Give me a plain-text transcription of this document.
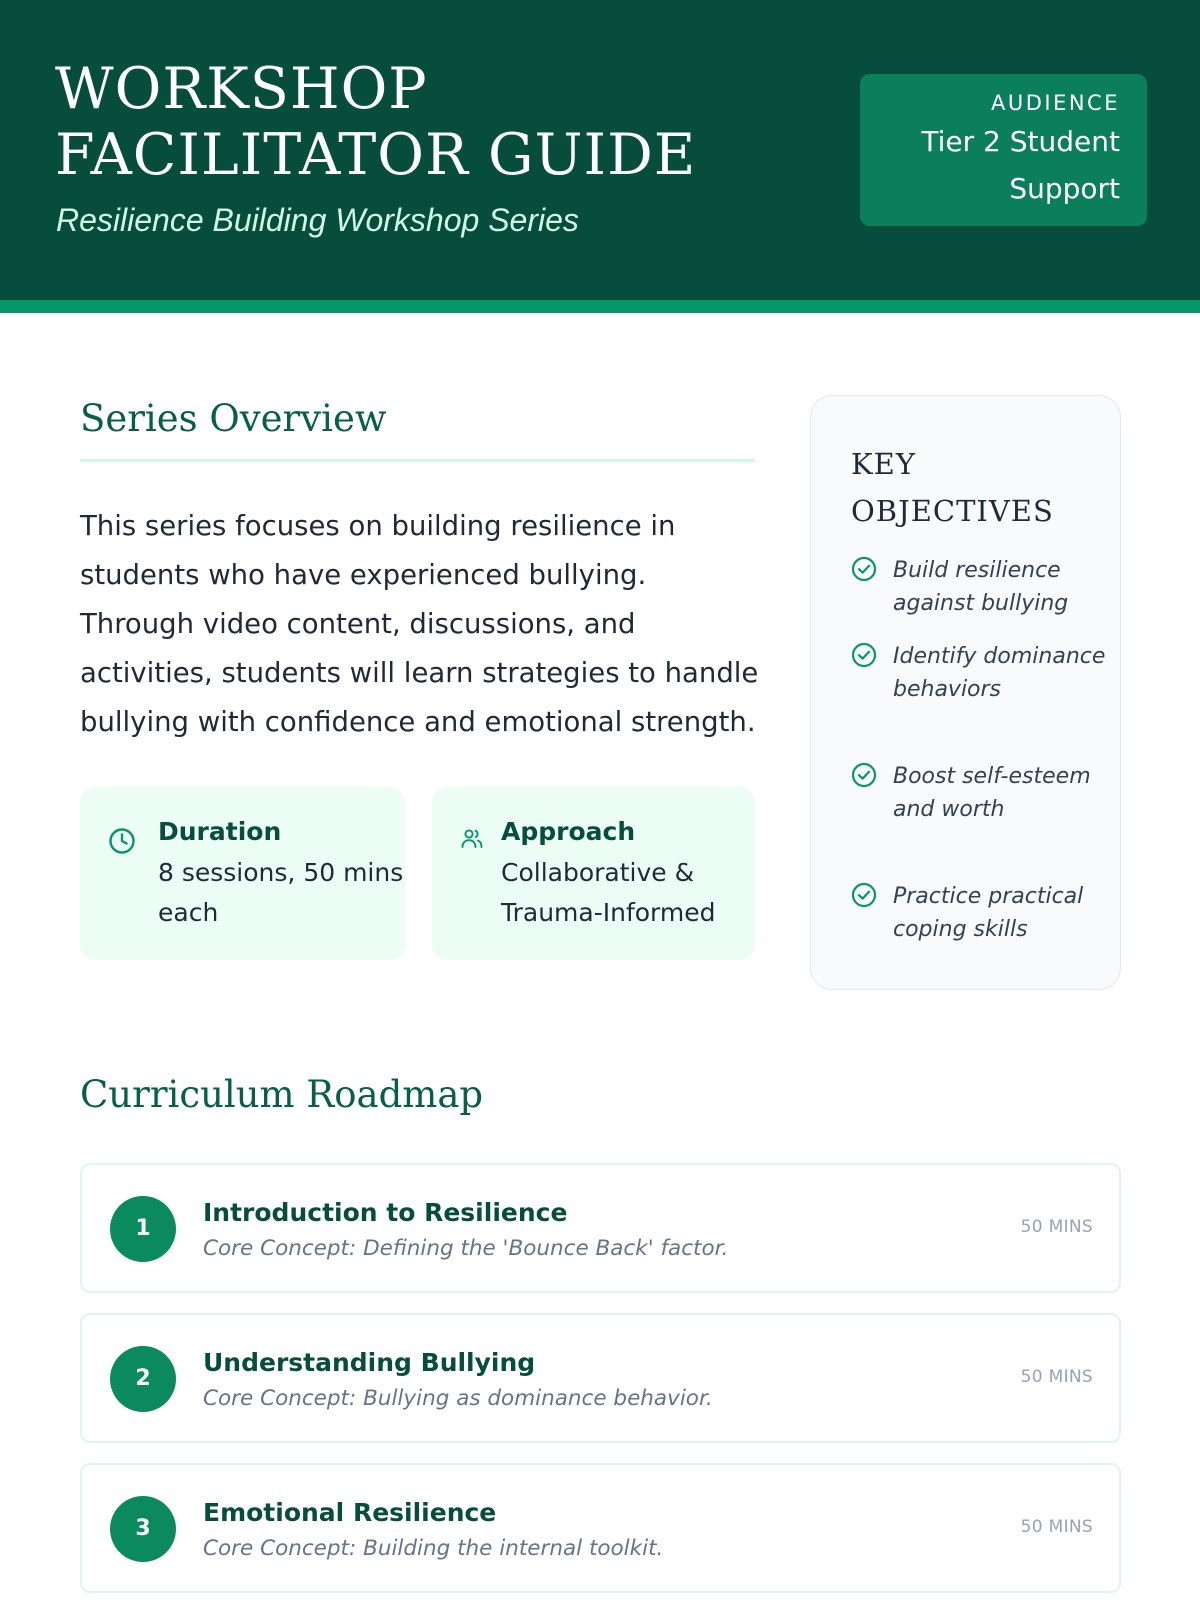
WORKSHOP FACILITATOR GUIDE
Resilience Building Workshop Series
AUDIENCE
Tier 2 Student Support
Series Overview

This series focuses on building resilience in students who have experienced bullying. Through video content, discussions, and activities, students will learn strategies to handle bullying with confidence and emotional strength.

Duration
8 sessions, 50 mins each
Approach
Collaborative & Trauma-Informed
KEY OBJECTIVES
Build resilience against bullying
Identify dominance behaviors
Boost self-esteem and worth
Practice practical coping skills
Curriculum Roadmap
1
Introduction to Resilience
Core Concept: Defining the 'Bounce Back' factor.
50 MINS
2
Understanding Bullying
Core Concept: Bullying as dominance behavior.
50 MINS
3
Emotional Resilience
Core Concept: Building the internal toolkit.
50 MINS
